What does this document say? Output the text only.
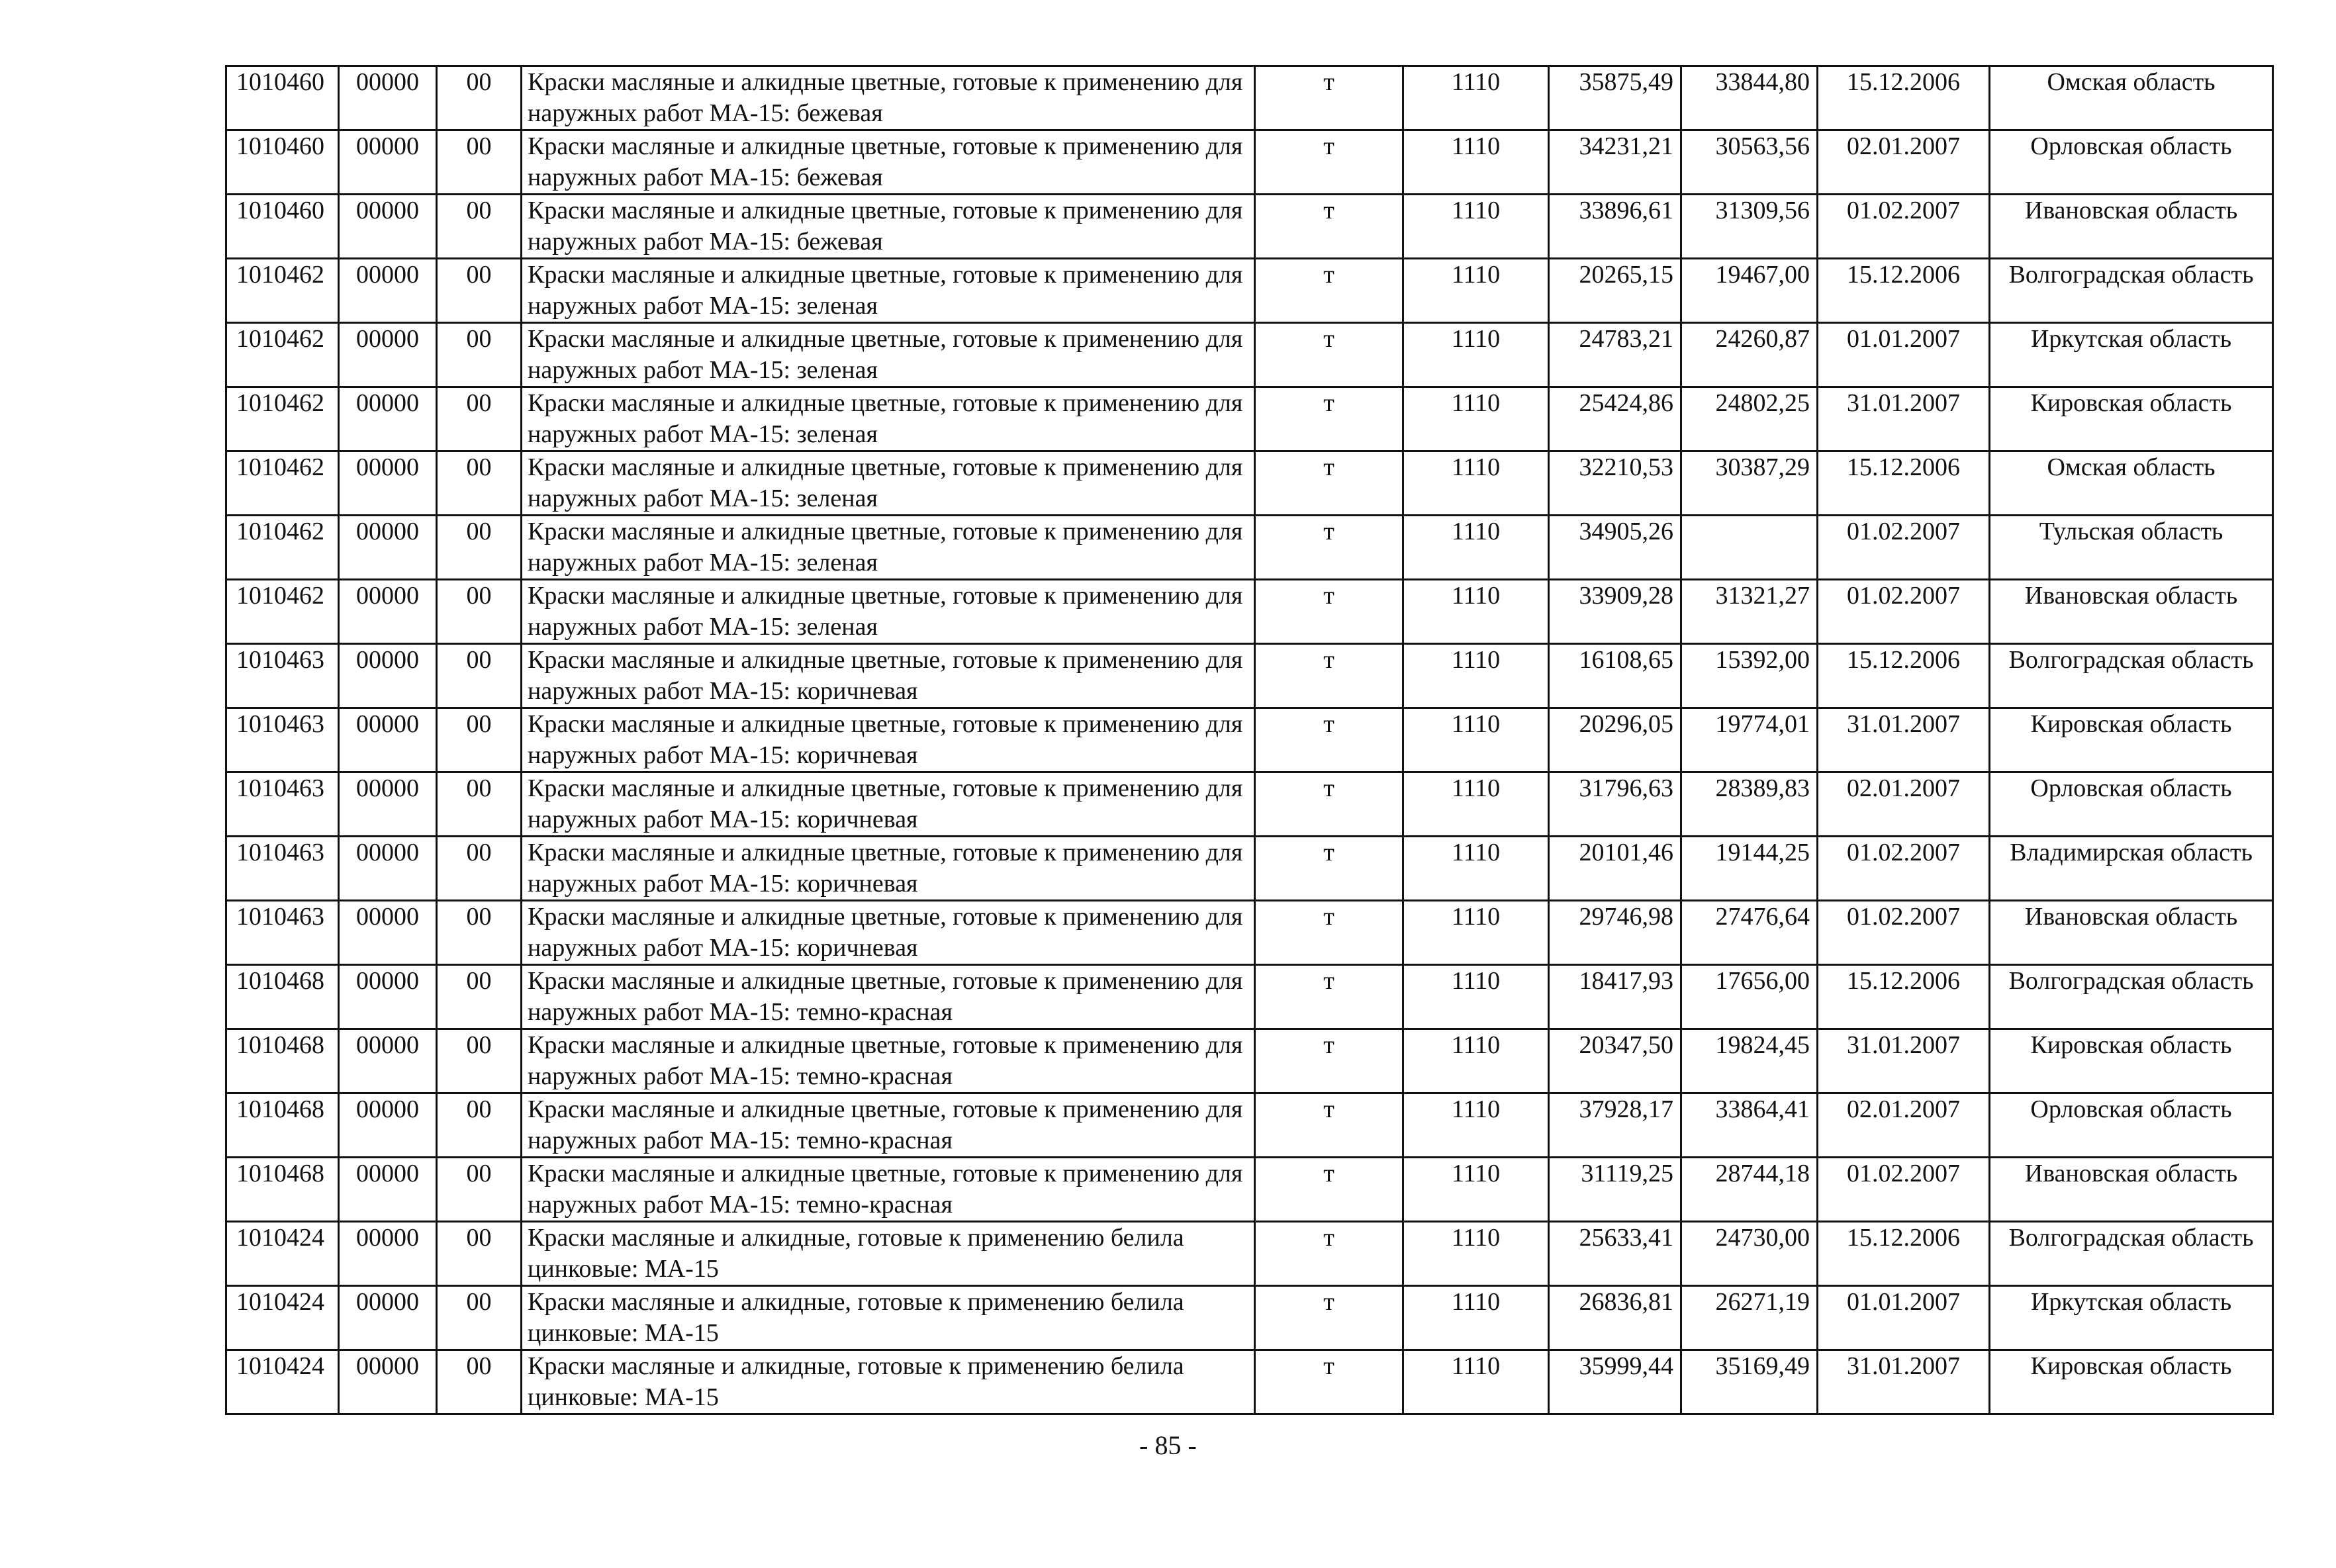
1010460	00000	00	Краски масляные и алкидные цветные, готовые к применению для наружных работ МА-15: бежевая	т	1110	35875,49	33844,80	15.12.2006	Омская область
1010460	00000	00	Краски масляные и алкидные цветные, готовые к применению для наружных работ МА-15: бежевая	т	1110	34231,21	30563,56	02.01.2007	Орловская область
1010460	00000	00	Краски масляные и алкидные цветные, готовые к применению для наружных работ МА-15: бежевая	т	1110	33896,61	31309,56	01.02.2007	Ивановская область
1010462	00000	00	Краски масляные и алкидные цветные, готовые к применению для наружных работ МА-15: зеленая	т	1110	20265,15	19467,00	15.12.2006	Волгоградская область
1010462	00000	00	Краски масляные и алкидные цветные, готовые к применению для наружных работ МА-15: зеленая	т	1110	24783,21	24260,87	01.01.2007	Иркутская область
1010462	00000	00	Краски масляные и алкидные цветные, готовые к применению для наружных работ МА-15: зеленая	т	1110	25424,86	24802,25	31.01.2007	Кировская область
1010462	00000	00	Краски масляные и алкидные цветные, готовые к применению для наружных работ МА-15: зеленая	т	1110	32210,53	30387,29	15.12.2006	Омская область
1010462	00000	00	Краски масляные и алкидные цветные, готовые к применению для наружных работ МА-15: зеленая	т	1110	34905,26		01.02.2007	Тульская область
1010462	00000	00	Краски масляные и алкидные цветные, готовые к применению для наружных работ МА-15: зеленая	т	1110	33909,28	31321,27	01.02.2007	Ивановская область
1010463	00000	00	Краски масляные и алкидные цветные, готовые к применению для наружных работ МА-15: коричневая	т	1110	16108,65	15392,00	15.12.2006	Волгоградская область
1010463	00000	00	Краски масляные и алкидные цветные, готовые к применению для наружных работ МА-15: коричневая	т	1110	20296,05	19774,01	31.01.2007	Кировская область
1010463	00000	00	Краски масляные и алкидные цветные, готовые к применению для наружных работ МА-15: коричневая	т	1110	31796,63	28389,83	02.01.2007	Орловская область
1010463	00000	00	Краски масляные и алкидные цветные, готовые к применению для наружных работ МА-15: коричневая	т	1110	20101,46	19144,25	01.02.2007	Владимирская область
1010463	00000	00	Краски масляные и алкидные цветные, готовые к применению для наружных работ МА-15: коричневая	т	1110	29746,98	27476,64	01.02.2007	Ивановская область
1010468	00000	00	Краски масляные и алкидные цветные, готовые к применению для наружных работ МА-15: темно-красная	т	1110	18417,93	17656,00	15.12.2006	Волгоградская область
1010468	00000	00	Краски масляные и алкидные цветные, готовые к применению для наружных работ МА-15: темно-красная	т	1110	20347,50	19824,45	31.01.2007	Кировская область
1010468	00000	00	Краски масляные и алкидные цветные, готовые к применению для наружных работ МА-15: темно-красная	т	1110	37928,17	33864,41	02.01.2007	Орловская область
1010468	00000	00	Краски масляные и алкидные цветные, готовые к применению для наружных работ МА-15: темно-красная	т	1110	31119,25	28744,18	01.02.2007	Ивановская область
1010424	00000	00	Краски масляные и алкидные, готовые к применению белила цинковые: МА-15	т	1110	25633,41	24730,00	15.12.2006	Волгоградская область
1010424	00000	00	Краски масляные и алкидные, готовые к применению белила цинковые: МА-15	т	1110	26836,81	26271,19	01.01.2007	Иркутская область
1010424	00000	00	Краски масляные и алкидные, готовые к применению белила цинковые: МА-15	т	1110	35999,44	35169,49	31.01.2007	Кировская область
- 85 -
